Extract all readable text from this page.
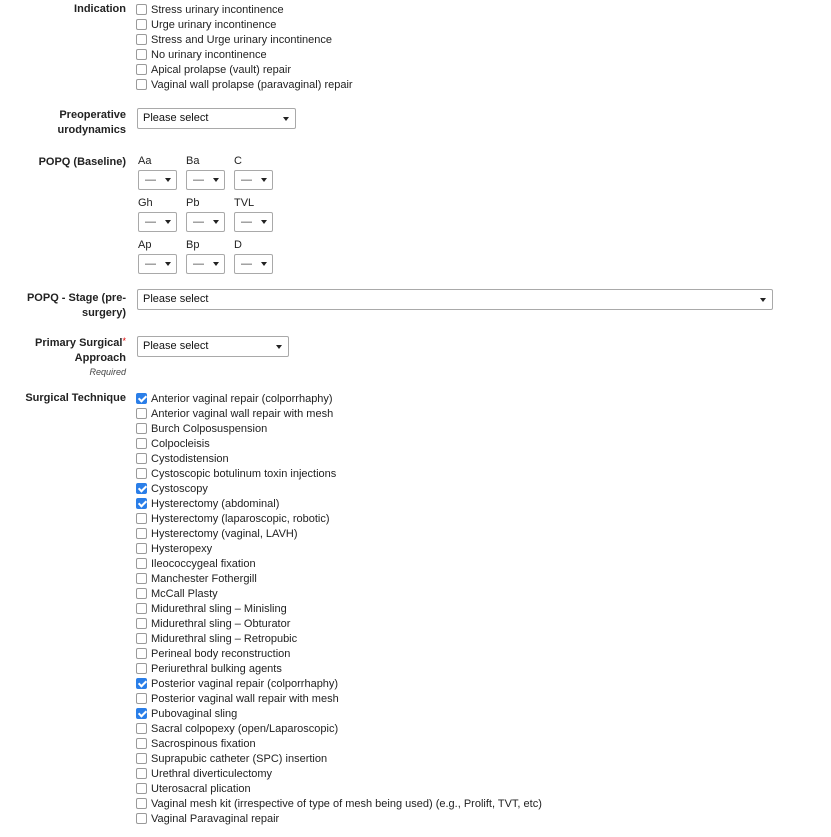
Indication Stress urinary incontinence
Urge urinary incontinence
Stress and Urge urinary incontinence
No urinary incontinence
Apical prolapse (vault) repair
Vaginal wall prolapse (paravaginal) repair
Preoperative
urodynamics
Please select
POPQ (Baseline) Aa
—
Ba
—
C
—
Gh
—
Pb
—
TVL
—
Ap
—
Bp
—
D
—
POPQ - Stage (pre-
surgery)
Please select
Primary Surgical*
Approach
Required
Please select
Surgical Technique Anterior vaginal repair (colporrhaphy)
Anterior vaginal wall repair with mesh
Burch Colposuspension
Colpocleisis
Cystodistension
Cystoscopic botulinum toxin injections
Cystoscopy
Hysterectomy (abdominal)
Hysterectomy (laparoscopic, robotic)
Hysterectomy (vaginal, LAVH)
Hysteropexy
Ileococcygeal fixation
Manchester Fothergill
McCall Plasty
Midurethral sling – Minisling
Midurethral sling – Obturator
Midurethral sling – Retropubic
Perineal body reconstruction
Periurethral bulking agents
Posterior vaginal repair (colporrhaphy)
Posterior vaginal wall repair with mesh
Pubovaginal sling
Sacral colpopexy (open/Laparoscopic)
Sacrospinous fixation
Suprapubic catheter (SPC) insertion
Urethral diverticulectomy
Uterosacral plication
Vaginal mesh kit (irrespective of type of mesh being used) (e.g., Prolift, TVT, etc)
Vaginal Paravaginal repair
